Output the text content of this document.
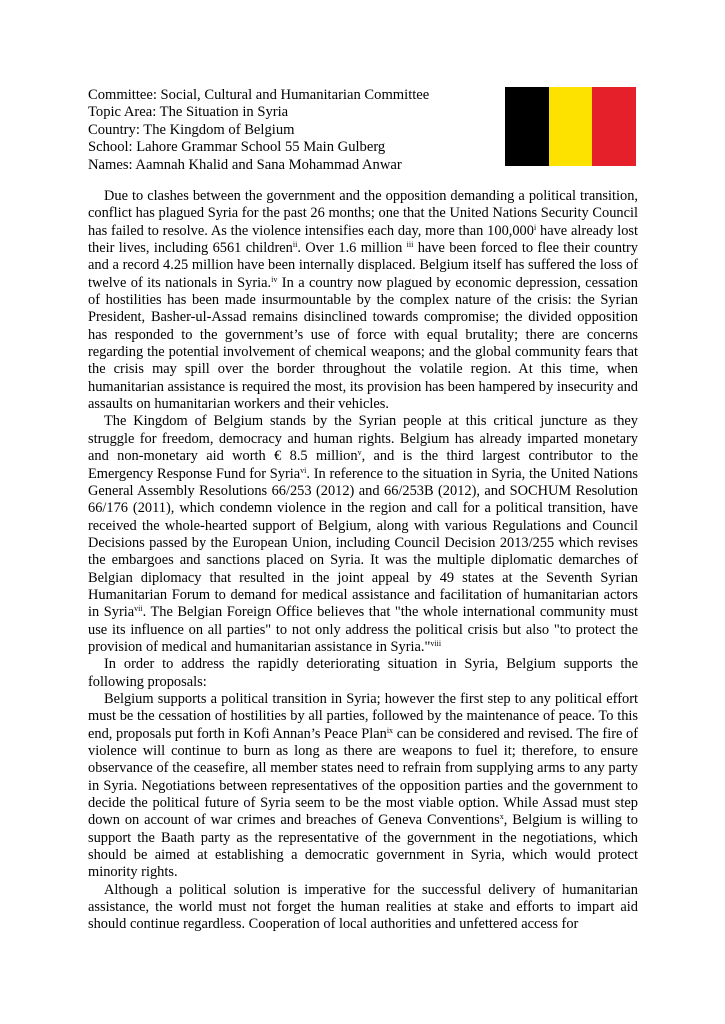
Committee: Social, Cultural and Humanitarian Committee
Topic Area: The Situation in Syria
Country: The Kingdom of Belgium
School: Lahore Grammar School 55 Main Gulberg
Names: Aamnah Khalid and Sana Mohammad Anwar

Due to clashes between the government and the opposition demanding a political transition, conflict has plagued Syria for the past 26 months; one that the United Nations Security Council has failed to resolve. As the violence intensifies each day, more than 100,000$^i$ have already lost their lives, including 6561 children$^{ii}$. Over 1.6 million $^{iii}$ have been forced to flee their country and a record 4.25 million have been internally displaced. Belgium itself has suffered the loss of twelve of its nationals in Syria.$^{iv}$ In a country now plagued by economic depression, cessation of hostilities has been made insurmountable by the complex nature of the crisis: the Syrian President, Basher-ul-Assad remains disinclined towards compromise; the divided opposition has responded to the government’s use of force with equal brutality; there are concerns regarding the potential involvement of chemical weapons; and the global community fears that the crisis may spill over the border throughout the volatile region. At this time, when humanitarian assistance is required the most, its provision has been hampered by insecurity and assaults on humanitarian workers and their vehicles.

The Kingdom of Belgium stands by the Syrian people at this critical juncture as they struggle for freedom, democracy and human rights. Belgium has already imparted monetary and non-monetary aid worth € 8.5 million$^v$, and is the third largest contributor to the Emergency Response Fund for Syria$^{vi}$. In reference to the situation in Syria, the United Nations General Assembly Resolutions 66/253 (2012) and 66/253B (2012), and SOCHUM Resolution 66/176 (2011), which condemn violence in the region and call for a political transition, have received the whole-hearted support of Belgium, along with various Regulations and Council Decisions passed by the European Union, including Council Decision 2013/255 which revises the embargoes and sanctions placed on Syria. It was the multiple diplomatic demarches of Belgian diplomacy that resulted in the joint appeal by 49 states at the Seventh Syrian Humanitarian Forum to demand for medical assistance and facilitation of humanitarian actors in Syria$^{vii}$. The Belgian Foreign Office believes that "the whole international community must use its influence on all parties" to not only address the political crisis but also "to protect the provision of medical and humanitarian assistance in Syria."$^{viii}$

In order to address the rapidly deteriorating situation in Syria, Belgium supports the following proposals:

Belgium supports a political transition in Syria; however the first step to any political effort must be the cessation of hostilities by all parties, followed by the maintenance of peace. To this end, proposals put forth in Kofi Annan’s Peace Plan$^{ix}$ can be considered and revised. The fire of violence will continue to burn as long as there are weapons to fuel it; therefore, to ensure observance of the ceasefire, all member states need to refrain from supplying arms to any party in Syria. Negotiations between representatives of the opposition parties and the government to decide the political future of Syria seem to be the most viable option. While Assad must step down on account of war crimes and breaches of Geneva Conventions$^x$, Belgium is willing to support the Baath party as the representative of the government in the negotiations, which should be aimed at establishing a democratic government in Syria, which would protect minority rights.

Although a political solution is imperative for the successful delivery of humanitarian assistance, the world must not forget the human realities at stake and efforts to impart aid should continue regardless. Cooperation of local authorities and unfettered access for
